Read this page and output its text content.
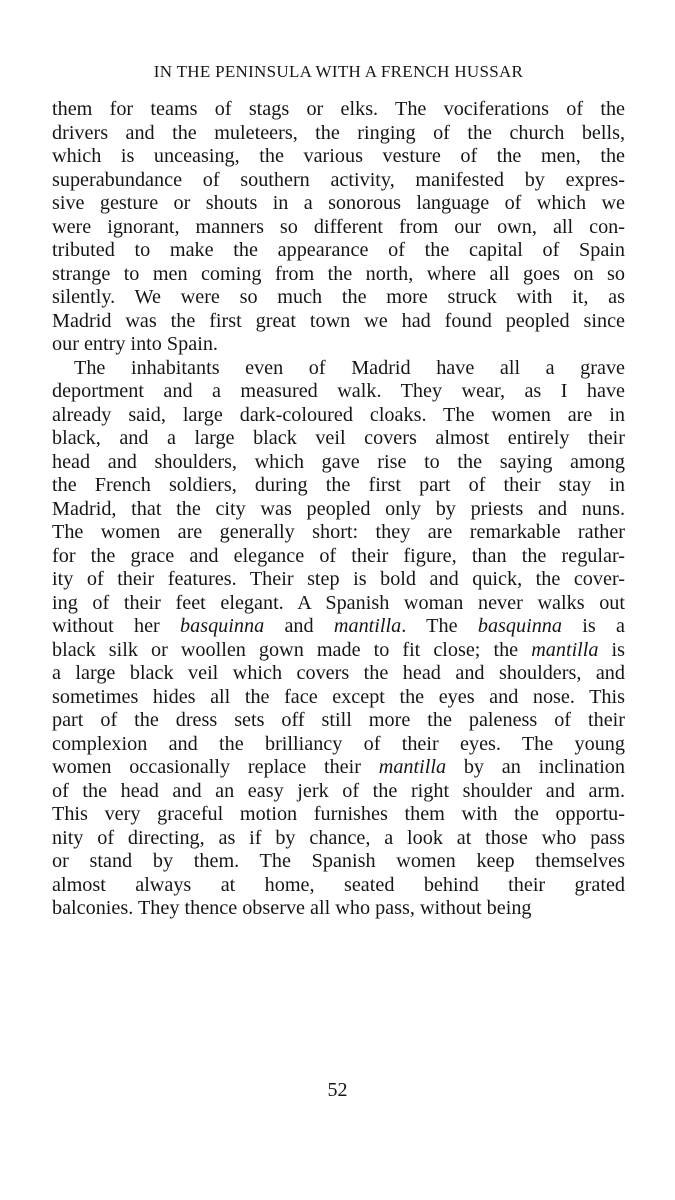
IN THE PENINSULA WITH A FRENCH HUSSAR
them for teams of stags or elks. The vociferations of the
drivers and the muleteers, the ringing of the church bells,
which is unceasing, the various vesture of the men, the
superabundance of southern activity, manifested by expres-
sive gesture or shouts in a sonorous language of which we
were ignorant, manners so different from our own, all con-
tributed to make the appearance of the capital of Spain
strange to men coming from the north, where all goes on so
silently. We were so much the more struck with it, as
Madrid was the first great town we had found peopled since
our entry into Spain.
The inhabitants even of Madrid have all a grave
deportment and a measured walk. They wear, as I have
already said, large dark-coloured cloaks. The women are in
black, and a large black veil covers almost entirely their
head and shoulders, which gave rise to the saying among
the French soldiers, during the first part of their stay in
Madrid, that the city was peopled only by priests and nuns.
The women are generally short: they are remarkable rather
for the grace and elegance of their figure, than the regular-
ity of their features. Their step is bold and quick, the cover-
ing of their feet elegant. A Spanish woman never walks out
without her basquinna and mantilla. The basquinna is a
black silk or woollen gown made to fit close; the mantilla is
a large black veil which covers the head and shoulders, and
sometimes hides all the face except the eyes and nose. This
part of the dress sets off still more the paleness of their
complexion and the brilliancy of their eyes. The young
women occasionally replace their mantilla by an inclination
of the head and an easy jerk of the right shoulder and arm.
This very graceful motion furnishes them with the opportu-
nity of directing, as if by chance, a look at those who pass
or stand by them. The Spanish women keep themselves
almost always at home, seated behind their grated
balconies. They thence observe all who pass, without being
52
